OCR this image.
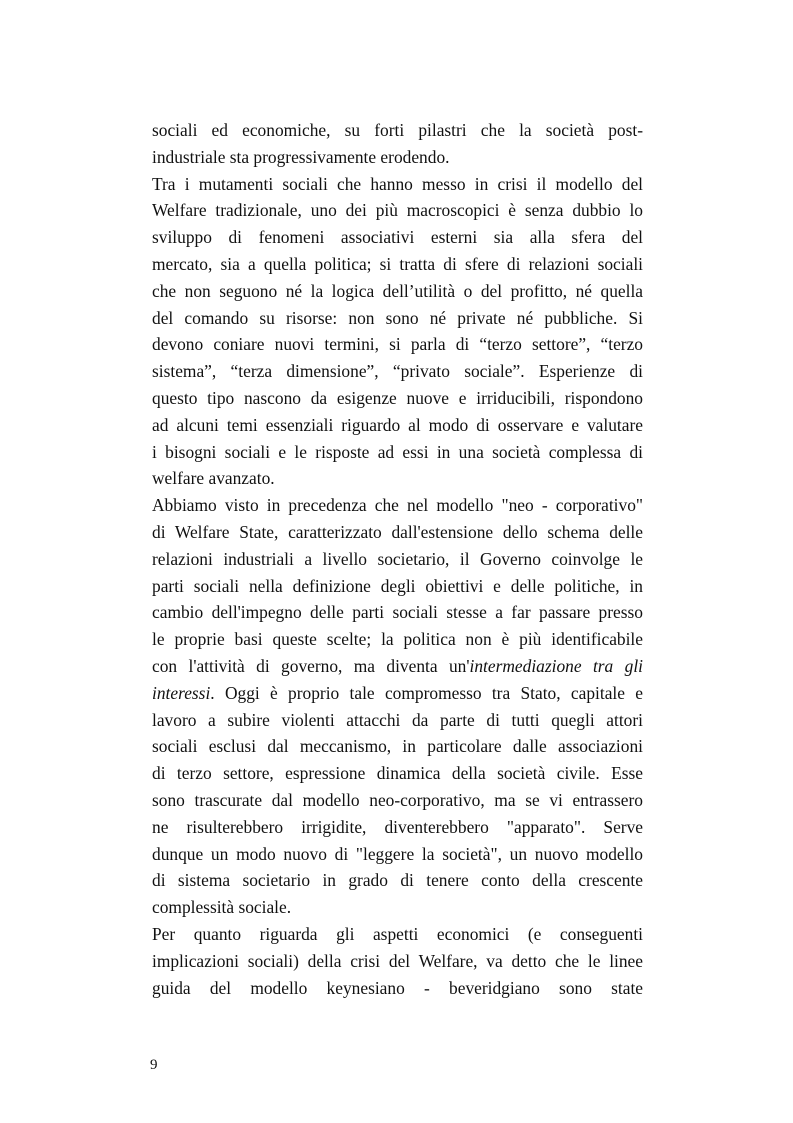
sociali ed economiche, su forti pilastri che la società post-
industriale sta progressivamente erodendo.

Tra i mutamenti sociali che hanno messo in crisi il modello del
Welfare tradizionale, uno dei più macroscopici è senza dubbio lo
sviluppo di fenomeni associativi esterni sia alla sfera del
mercato, sia a quella politica; si tratta di sfere di relazioni sociali
che non seguono né la logica dell’utilità o del profitto, né quella
del comando su risorse: non sono né private né pubbliche. Si
devono coniare nuovi termini, si parla di “terzo settore”, “terzo
sistema”, “terza dimensione”, “privato sociale”. Esperienze di
questo tipo nascono da esigenze nuove e irriducibili, rispondono
ad alcuni temi essenziali riguardo al modo di osservare e valutare
i bisogni sociali e le risposte ad essi in una società complessa di
welfare avanzato.

Abbiamo visto in precedenza che nel modello "neo - corporativo"
di Welfare State, caratterizzato dall'estensione dello schema delle
relazioni industriali a livello societario, il Governo coinvolge le
parti sociali nella definizione degli obiettivi e delle politiche, in
cambio dell'impegno delle parti sociali stesse a far passare presso
le proprie basi queste scelte; la politica non è più identificabile
con l'attività di governo, ma diventa un'intermediazione tra gli
interessi. Oggi è proprio tale compromesso tra Stato, capitale e
lavoro a subire violenti attacchi da parte di tutti quegli attori
sociali esclusi dal meccanismo, in particolare dalle associazioni
di terzo settore, espressione dinamica della società civile. Esse
sono trascurate dal modello neo-corporativo, ma se vi entrassero
ne risulterebbero irrigidite, diventerebbero "apparato". Serve
dunque un modo nuovo di "leggere la società", un nuovo modello
di sistema societario in grado di tenere conto della crescente
complessità sociale.

Per quanto riguarda gli aspetti economici (e conseguenti
implicazioni sociali) della crisi del Welfare, va detto che le linee
guida del modello keynesiano - beveridgiano sono state

9
